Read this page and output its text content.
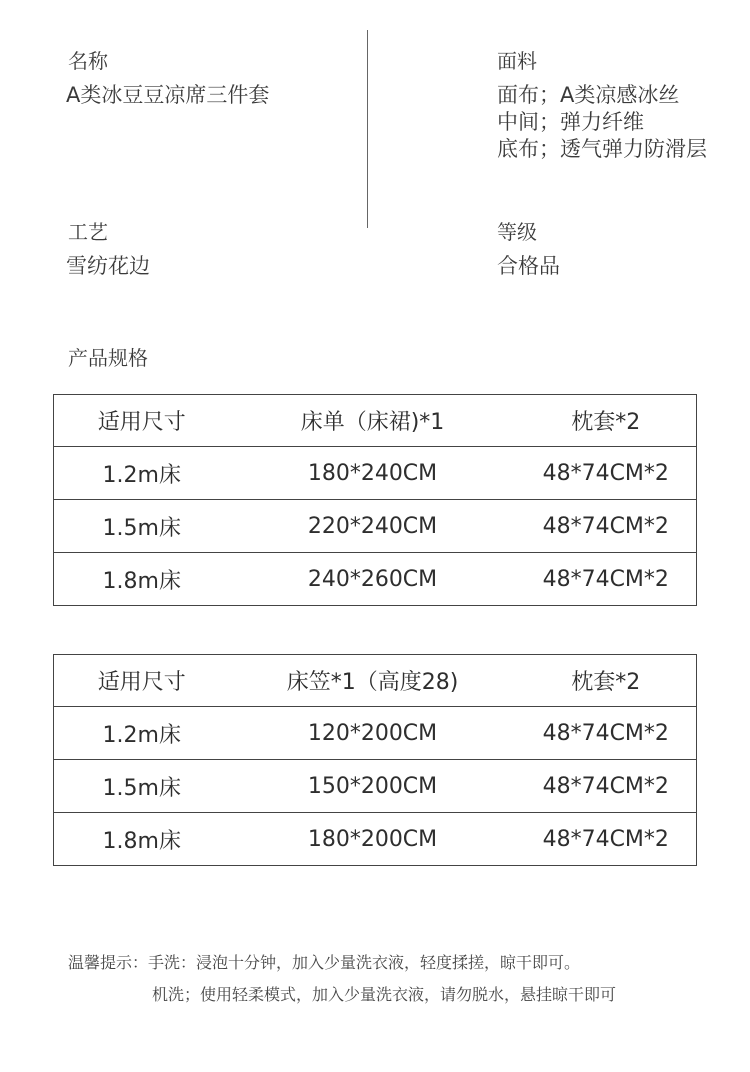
名称
A类冰豆豆凉席三件套
面料
面布；A类凉感冰丝
中间；弹力纤维
底布；透气弹力防滑层
工艺
雪纺花边
等级
合格品
产品规格
适用尺寸	床单（床裙)*1	枕套*2
1.2m床	180*240CM	48*74CM*2
1.5m床	220*240CM	48*74CM*2
1.8m床	240*260CM	48*74CM*2
适用尺寸	床笠*1（高度28)	枕套*2
1.2m床	120*200CM	48*74CM*2
1.5m床	150*200CM	48*74CM*2
1.8m床	180*200CM	48*74CM*2
温馨提示：手洗：浸泡十分钟，加入少量洗衣液，轻度揉搓，晾干即可。
机洗；使用轻柔模式，加入少量洗衣液，请勿脱水，悬挂晾干即可
